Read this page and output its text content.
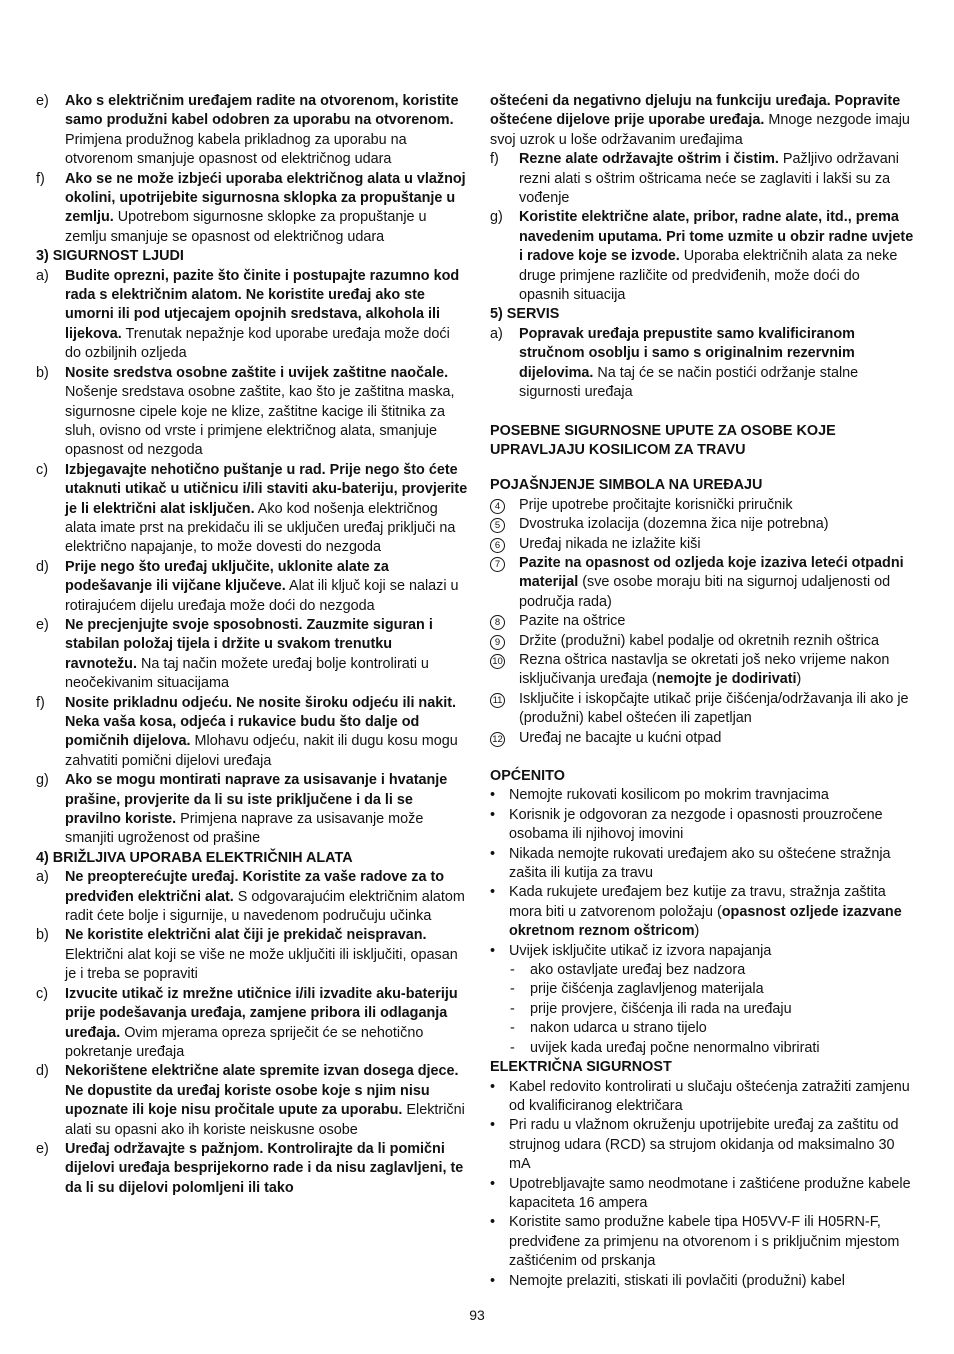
e) Ako s električnim uređajem radite na otvorenom, koristite samo produžni kabel odobren za uporabu na otvorenom. Primjena produžnog kabela prikladnog za uporabu na otvorenom smanjuje opasnost od električnog udara
f) Ako se ne može izbjeći uporaba električnog alata u vlažnoj okolini, upotrijebite sigurnosna sklopka za propuštanje u zemlju. Upotrebom sigurnosne sklopke za propuštanje u zemlju smanjuje se opasnost od električnog udara
3) SIGURNOST LJUDI
a) Budite oprezni, pazite što činite i postupajte razumno kod rada s električnim alatom. Ne koristite uređaj ako ste umorni ili pod utjecajem opojnih sredstava, alkohola ili lijekova. Trenutak nepažnje kod uporabe uređaja može doći do ozbiljnih ozljeda
b) Nosite sredstva osobne zaštite i uvijek zaštitne naočale. Nošenje sredstava osobne zaštite, kao što je zaštitna maska, sigurnosne cipele koje ne klize, zaštitne kacige ili štitnika za sluh, ovisno od vrste i primjene električnog alata, smanjuje opasnost od nezgoda
c) Izbjegavajte nehotično puštanje u rad. Prije nego što ćete utaknuti utikač u utičnicu i/ili staviti aku-bateriju, provjerite je li električni alat isključen. Ako kod nošenja električnog alata imate prst na prekidaču ili se uključen uređaj priključi na električno napajanje, to može dovesti do nezgoda
d) Prije nego što uređaj uključite, uklonite alate za podešavanje ili vijčane ključeve. Alat ili ključ koji se nalazi u rotirajućem dijelu uređaja može doći do nezgoda
e) Ne precjenjujte svoje sposobnosti. Zauzmite siguran i stabilan položaj tijela i držite u svakom trenutku ravnotežu. Na taj način možete uređaj bolje kontrolirati u neočekivanim situacijama
f) Nosite prikladnu odjeću. Ne nosite široku odjeću ili nakit. Neka vaša kosa, odjeća i rukavice budu što dalje od pomičnih dijelova. Mlohavu odjeću, nakit ili dugu kosu mogu zahvatiti pomični dijelovi uređaja
g) Ako se mogu montirati naprave za usisavanje i hvatanje prašine, provjerite da li su iste priključene i da li se pravilno koriste. Primjena naprave za usisavanje može smanjiti ugroženost od prašine
4) BRIŽLJIVA UPORABA ELEKTRIČNIH ALATA
a) Ne preopterećujte uređaj. Koristite za vaše radove za to predviđen električni alat. S odgovarajućim električnim alatom radit ćete bolje i sigurnije, u navedenom područuju učinka
b) Ne koristite električni alat čiji je prekidač neispravan. Električni alat koji se više ne može uključiti ili isključiti, opasan je i treba se popraviti
c) Izvucite utikač iz mrežne utičnice i/ili izvadite aku-bateriju prije podešavanja uređaja, zamjene pribora ili odlaganja uređaja. Ovim mjerama opreza spriječit će se nehotično pokretanje uređaja
d) Nekorištene električne alate spremite izvan dosega djece. Ne dopustite da uređaj koriste osobe koje s njim nisu upoznate ili koje nisu pročitale upute za uporabu. Električni alati su opasni ako ih koriste neiskusne osobe
e) Uređaj održavajte s pažnjom. Kontrolirajte da li pomični dijelovi uređaja besprijekorno rade i da nisu zaglavljeni, te da li su dijelovi polomljeni ili tako
oštećeni da negativno djeluju na funkciju uređaja. Popravite oštećene dijelove prije uporabe uređaja. Mnoge nezgode imaju svoj uzrok u loše održavanim uređajima
f) Rezne alate održavajte oštrim i čistim. Pažljivo održavani rezni alati s oštrim oštricama neće se zaglaviti i lakši su za vođenje
g) Koristite električne alate, pribor, radne alate, itd., prema navedenim uputama. Pri tome uzmite u obzir radne uvjete i radove koje se izvode. Uporaba električnih alata za neke druge primjene različite od predviđenih, može doći do opasnih situacija
5) SERVIS
a) Popravak uređaja prepustite samo kvalificiranom stručnom osoblju i samo s originalnim rezervnim dijelovima. Na taj će se način postići održanje stalne sigurnosti uređaja
POSEBNE SIGURNOSNE UPUTE ZA OSOBE KOJE UPRAVLJAJU KOSILICOM ZA TRAVU
POJAŠNJENJE SIMBOLA NA UREĐAJU
4	Prije upotrebe pročitajte korisnički priručnik
5	Dvostruka izolacija (dozemna žica nije potrebna)
6	Uređaj nikada ne izlažite kiši
7	Pazite na opasnost od ozljeda koje izaziva leteći otpadni materijal (sve osobe moraju biti na sigurnoj udaljenosti od područja rada)
8	Pazite na oštrice
9	Držite (produžni) kabel podalje od okretnih reznih oštrica
10 Rezna oštrica nastavlja se okretati još neko vrijeme nakon isključivanja uređaja (nemojte je dodirivati)
11 Isključite i iskopčajte utikač prije čišćenja/održavanja ili ako je (produžni) kabel oštećen ili zapetljan
12 Uređaj ne bacajte u kućni otpad
OPĆENITO
• Nemojte rukovati kosilicom po mokrim travnjacima
• Korisnik je odgovoran za nezgode i opasnosti prouzročene osobama ili njihovoj imovini
• Nikada nemojte rukovati uređajem ako su oštećene stražnja zašita ili kutija za travu
• Kada rukujete uređajem bez kutije za travu, stražnja zaštita mora biti u zatvorenom položaju (opasnost ozljede izazvane okretnom reznom oštricom)
• Uvijek isključite utikač iz izvora napajanja
- ako ostavljate uređaj bez nadzora
- prije čišćenja zaglavljenog materijala
- prije provjere, čišćenja ili rada na uređaju
- nakon udarca u strano tijelo
- uvijek kada uređaj počne nenormalno vibrirati
ELEKTRIČNA SIGURNOST
• Kabel redovito kontrolirati u slučaju oštećenja zatražiti zamjenu od kvalificiranog električara
• Pri radu u vlažnom okruženju upotrijebite uređaj za zaštitu od strujnog udara (RCD) sa strujom okidanja od maksimalno 30 mA
• Upotrebljavajte samo neodmotane i zaštićene produžne kabele kapaciteta 16 ampera
• Koristite samo produžne kabele tipa H05VV-F ili H05RN-F, predviđene za primjenu na otvorenom i s priključnim mjestom zaštićenim od prskanja
• Nemojte prelaziti, stiskati ili povlačiti (produžni) kabel
93
